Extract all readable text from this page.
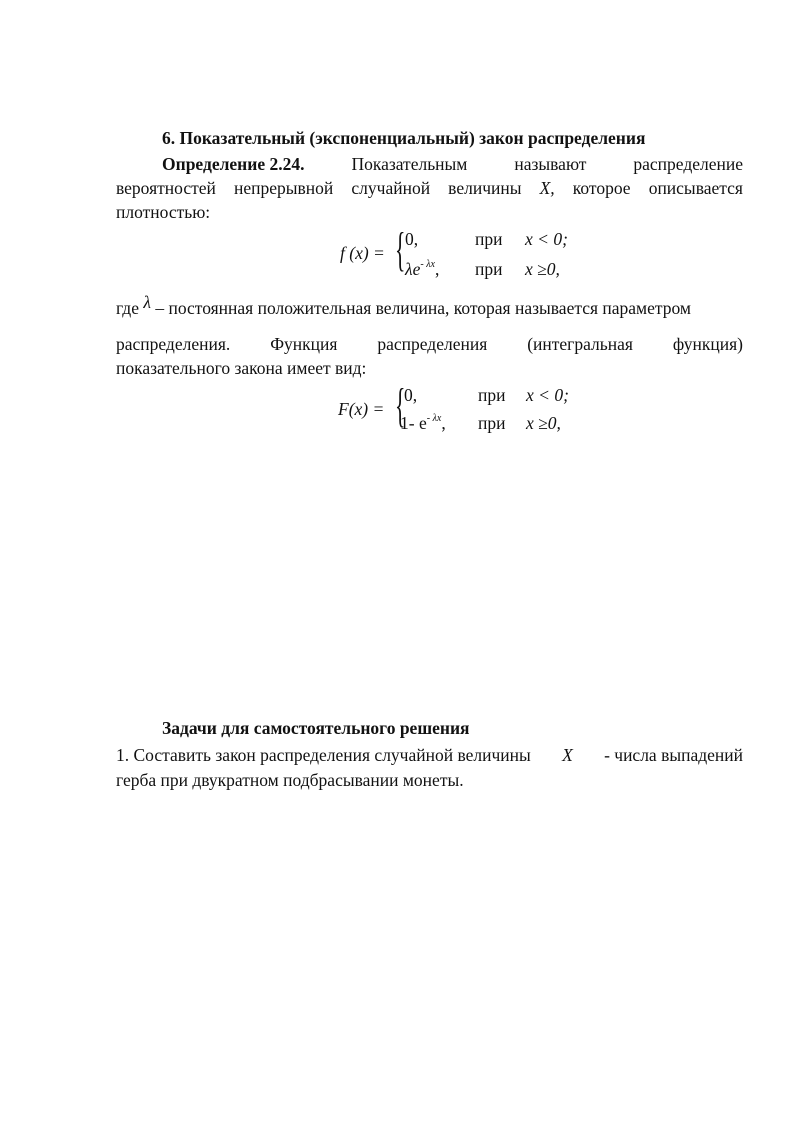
6. Показательный (экспоненциальный) закон распределения
Определение 2.24.	Показательным	называют	распределение
вероятностей непрерывной случайной величины X, которое описывается
плотностью:
f (x) = { 0,	при x < 0;
$\lambda e^{- \lambda x}$, при x ≥0,
где λ – постоянная положительная величина, которая называется параметром
распределения. Функция распределения (интегральная функция)
показательного закона имеет вид:
F(x) = {
0,	при x < 0;
1- $e^{- \lambda x}$, при x ≥0,
Задачи для самостоятельного решения
1. Составить закон распределения случайной величины X - числа выпадений
герба при двукратном подбрасывании монеты.
